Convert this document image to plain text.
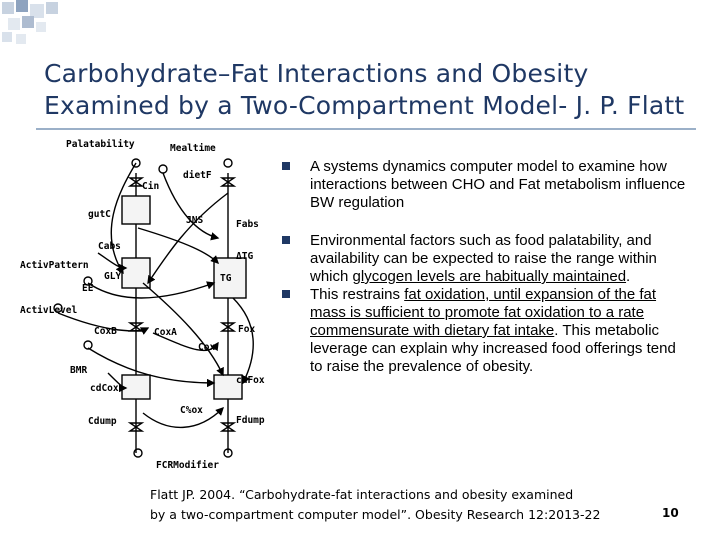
Carbohydrate–Fat Interactions and Obesity
Examined by a Two-Compartment Model- J. P. Flatt
Palatability	Mealtime
Cin
dietF
gutC
JNS	Fabs
Cabs
ΔTG
ActivPattern
GLY	TG
EE
ActivLevel
CoxB	CoxA	Fox
Cox
BMR
cdCox
cdFox
C%ox
Cdump	Fdump
FCRModifier
A systems dynamics computer model to examine how interactions between CHO and Fat metabolism influence BW regulation
Environmental factors such as food palatability, and availability can be expected to raise the range within which glycogen levels are habitually maintained.
This restrains fat oxidation, until expansion of the fat mass is sufficient to promote fat oxidation to a rate commensurate with dietary fat intake. This metabolic leverage can explain why increased food offerings tend to raise the prevalence of obesity.
Flatt JP. 2004. “Carbohydrate-fat interactions and obesity examined
by a two-compartment computer model”. Obesity Research 12:2013-22	10
